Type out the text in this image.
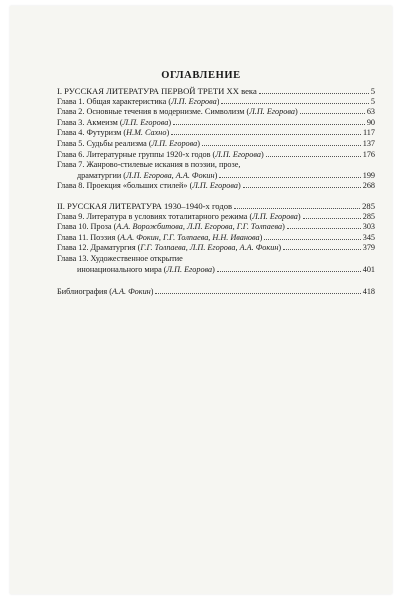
ОГЛАВЛЕНИЕ
I. РУССКАЯ ЛИТЕРАТУРА ПЕРВОЙ ТРЕТИ XX века	5
Глава 1. Общая характеристика (Л.П. Егорова)	5
Глава 2. Основные течения в модернизме. Символизм (Л.П. Егорова)	63
Глава 3. Акмеизм (Л.П. Егорова)	90
Глава 4. Футуризм (Н.М. Сахно)	117
Глава 5. Судьбы реализма (Л.П. Егорова)	137
Глава 6. Литературные группы 1920-х годов (Л.П. Егорова)	176
Глава 7. Жанрово-стилевые искания в поэзии, прозе,
драматургии (Л.П. Егорова, А.А. Фокин)	199
Глава 8. Проекция «больших стилей» (Л.П. Егорова)	268
II. РУССКАЯ ЛИТЕРАТУРА 1930–1940-х годов	285
Глава 9. Литература в условиях тоталитарного режима (Л.П. Егорова)	285
Глава 10. Проза (А.А. Ворожбитова, Л.П. Егорова, Г.Г. Толпаева)	303
Глава 11. Поэзия (А.А. Фокин, Г.Г. Толпаева, Н.Н. Иванова)	345
Глава 12. Драматургия (Г.Г. Толпаева, Л.П. Егорова, А.А. Фокин)	379
Глава 13. Художественное открытие
инонационального мира (Л.П. Егорова)	401
Библиография (А.А. Фокин)	418
